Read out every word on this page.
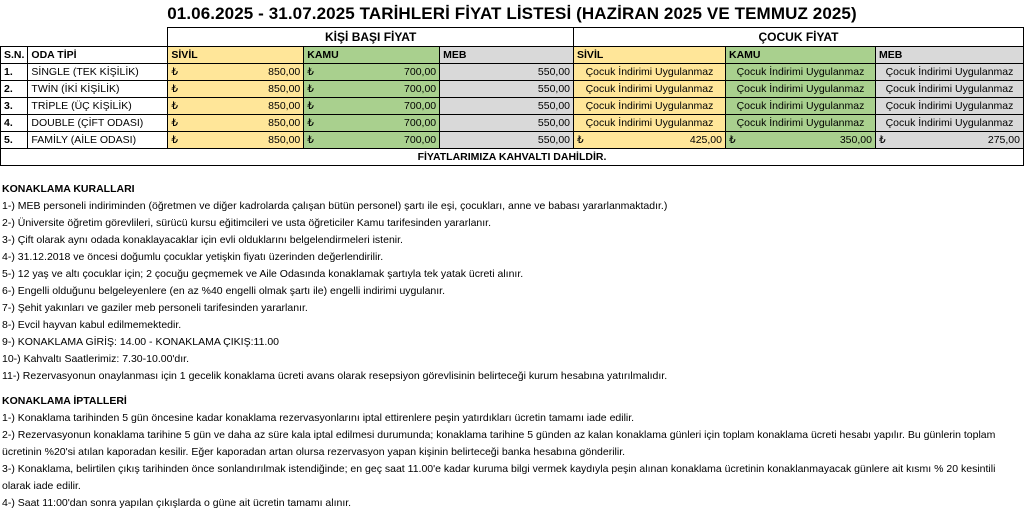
01.06.2025 - 31.07.2025 TARİHLERİ FİYAT LİSTESİ (HAZİRAN 2025 VE TEMMUZ 2025)
		KİŞİ BAŞI FİYAT			ÇOCUK FİYAT		
S.N.	ODA TİPİ	SİVİL	KAMU	MEB	SİVİL	KAMU	MEB
1.	SİNGLE (TEK KİŞİLİK)	₺ 850,00	₺ 700,00	550,00	Çocuk İndirimi Uygulanmaz	Çocuk İndirimi Uygulanmaz	Çocuk İndirimi Uygulanmaz
2.	TWİN (İKİ KİŞİLİK)	₺ 850,00	₺ 700,00	550,00	Çocuk İndirimi Uygulanmaz	Çocuk İndirimi Uygulanmaz	Çocuk İndirimi Uygulanmaz
3.	TRİPLE (ÜÇ KİŞİLİK)	₺ 850,00	₺ 700,00	550,00	Çocuk İndirimi Uygulanmaz	Çocuk İndirimi Uygulanmaz	Çocuk İndirimi Uygulanmaz
4.	DOUBLE (ÇİFT ODASI)	₺ 850,00	₺ 700,00	550,00	Çocuk İndirimi Uygulanmaz	Çocuk İndirimi Uygulanmaz	Çocuk İndirimi Uygulanmaz
5.	FAMİLY (AİLE ODASI)	₺ 850,00	₺ 700,00	550,00	₺ 425,00	₺ 350,00	₺ 275,00

FİYATLARIMIZA KAHVALTI DAHİLDİR.							

KONAKLAMA KURALLARI

1-) MEB personeli indiriminden (öğretmen ve diğer kadrolarda çalışan bütün personel) şartı ile eşi, çocukları, anne ve babası yararlanmaktadır.)

2-) Üniversite öğretim görevlileri, sürücü kursu eğitimcileri ve usta öğreticiler Kamu tarifesinden yararlanır.

3-) Çift olarak aynı odada konaklayacaklar için evli olduklarını belgelendirmeleri istenir.

4-) 31.12.2018 ve öncesi doğumlu çocuklar yetişkin fiyatı üzerinden değerlendirilir.

5-) 12 yaş ve altı çocuklar için; 2 çocuğu geçmemek ve Aile Odasında konaklamak şartıyla tek yatak ücreti alınır.

6-) Engelli olduğunu belgeleyenlere (en az %40 engelli olmak şartı ile) engelli indirimi uygulanır.

7-) Şehit yakınları ve gaziler meb personeli tarifesinden yararlanır.

8-) Evcil hayvan kabul edilmemektedir.

9-) KONAKLAMA GİRİŞ: 14.00 - KONAKLAMA ÇIKIŞ:11.00

10-) Kahvaltı Saatlerimiz: 7.30-10.00'dır.

11-) Rezervasyonun onaylanması için 1 gecelik konaklama ücreti avans olarak resepsiyon görevlisinin belirteceği kurum hesabına yatırılmalıdır.

KONAKLAMA İPTALLERİ

1-) Konaklama tarihinden 5 gün öncesine kadar konaklama rezervasyonlarını iptal ettirenlere peşin yatırdıkları ücretin tamamı iade edilir.

2-) Rezervasyonun konaklama tarihine 5 gün ve daha az süre kala iptal edilmesi durumunda; konaklama tarihine 5 günden az kalan konaklama günleri için toplam konaklama ücreti hesabı yapılır. Bu günlerin toplam ücretinin %20'si atılan kaporadan kesilir. Eğer kaporadan artan olursa rezervasyon yapan kişinin belirteceği banka hesabına gönderilir.

3-) Konaklama, belirtilen çıkış tarihinden önce sonlandırılmak istendiğinde; en geç saat 11.00'e kadar kuruma bilgi vermek kaydıyla peşin alınan konaklama ücretinin konaklanmayacak günlere ait kısmı % 20 kesintili olarak iade edilir.

4-) Saat 11:00'dan sonra yapılan çıkışlarda o güne ait ücretin tamamı alınır.
